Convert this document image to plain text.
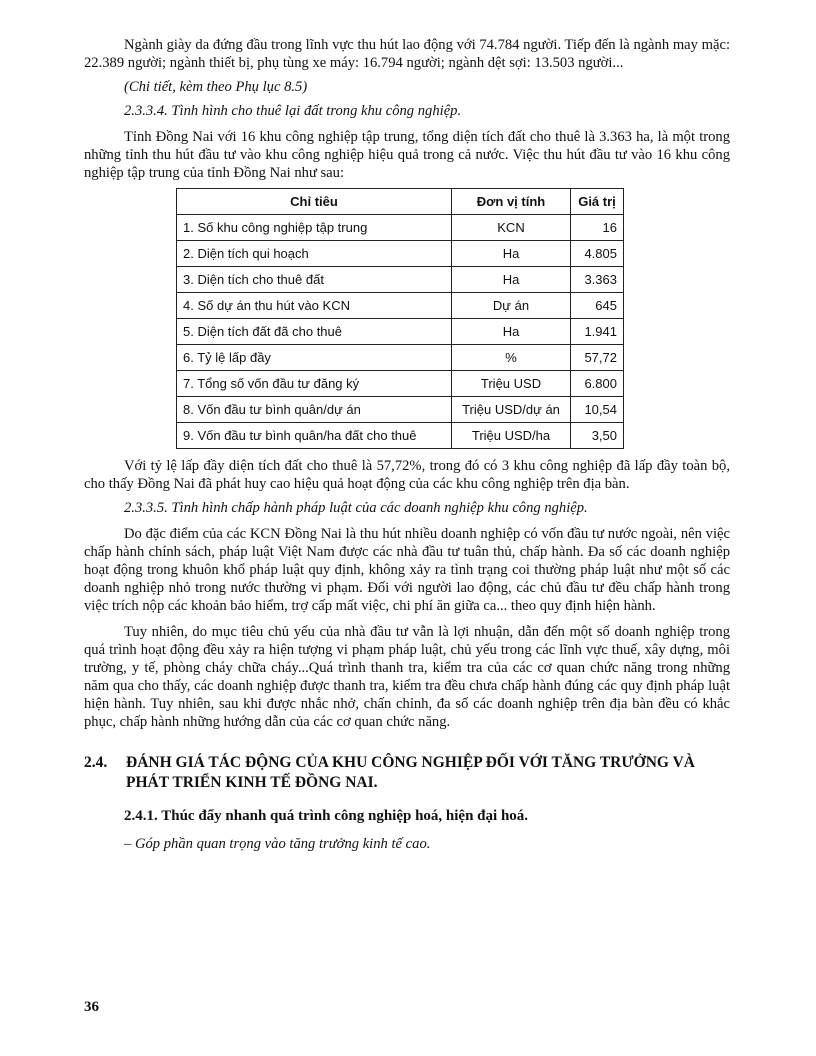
Ngành giày da đứng đầu trong lĩnh vực thu hút lao động với 74.784 người. Tiếp đến là ngành may mặc: 22.389 người; ngành thiết bị, phụ tùng xe máy: 16.794 người; ngành dệt sợi: 13.503 người...

(Chi tiết, kèm theo Phụ lục 8.5)

2.3.3.4. Tình hình cho thuê lại đất trong khu công nghiệp.

Tỉnh Đồng Nai với 16 khu công nghiệp tập trung, tổng diện tích đất cho thuê là 3.363 ha, là một trong những tỉnh thu hút đầu tư vào khu công nghiệp hiệu quả trong cả nước. Việc thu hút đầu tư vào 16 khu công nghiệp tập trung của tỉnh Đồng Nai như sau:

Chỉ tiêu	Đơn vị tính	Giá trị
1. Số khu công nghiệp tập trung	KCN	16
2. Diện tích qui hoạch	Ha	4.805
3. Diện tích cho thuê đất	Ha	3.363
4. Số dự án thu hút vào KCN	Dự án	645
5. Diện tích đất đã cho thuê	Ha	1.941
6. Tỷ lệ lấp đầy	%	57,72
7. Tổng số vốn đầu tư đăng ký	Triệu USD	6.800
8. Vốn đầu tư bình quân/dự án	Triệu USD/dự án	10,54
9. Vốn đầu tư bình quân/ha đất cho thuê	Triệu USD/ha	3,50

Với tỷ lệ lấp đầy diện tích đất cho thuê là 57,72%, trong đó có 3 khu công nghiệp đã lấp đầy toàn bộ, cho thấy Đồng Nai đã phát huy cao hiệu quả hoạt động của các khu công nghiệp trên địa bàn.

2.3.3.5. Tình hình chấp hành pháp luật của các doanh nghiệp khu công nghiệp.

Do đặc điểm của các KCN Đồng Nai là thu hút nhiều doanh nghiệp có vốn đầu tư nước ngoài, nên việc chấp hành chính sách, pháp luật Việt Nam được các nhà đầu tư tuân thủ, chấp hành. Đa số các doanh nghiệp hoạt động trong khuôn khổ pháp luật quy định, không xảy ra tình trạng coi thường pháp luật như một số các doanh nghiệp nhỏ trong nước thường vi phạm. Đối với người lao động, các chủ đầu tư đều chấp hành trong việc trích nộp các khoản bảo hiểm, trợ cấp mất việc, chi phí ăn giữa ca... theo quy định hiện hành.

Tuy nhiên, do mục tiêu chủ yếu của nhà đầu tư vẫn là lợi nhuận, dẫn đến một số doanh nghiệp trong quá trình hoạt động đều xảy ra hiện tượng vi phạm pháp luật, chủ yếu trong các lĩnh vực thuế, xây dựng, môi trường, y tế, phòng cháy chữa cháy...Quá trình thanh tra, kiểm tra của các cơ quan chức năng trong những năm qua cho thấy, các doanh nghiệp được thanh tra, kiểm tra đều chưa chấp hành đúng các quy định pháp luật hiện hành. Tuy nhiên, sau khi được nhắc nhở, chấn chỉnh, đa số các doanh nghiệp trên địa bàn đều có khắc phục, chấp hành những hướng dẫn của các cơ quan chức năng.

2.4.	ĐÁNH GIÁ TÁC ĐỘNG CỦA KHU CÔNG NGHIỆP ĐỐI VỚI TĂNG TRƯỞNG VÀ PHÁT TRIỂN KINH TẾ ĐỒNG NAI.
2.4.1. Thúc đẩy nhanh quá trình công nghiệp hoá, hiện đại hoá.

– Góp phần quan trọng vào tăng trưởng kinh tế cao.

36
